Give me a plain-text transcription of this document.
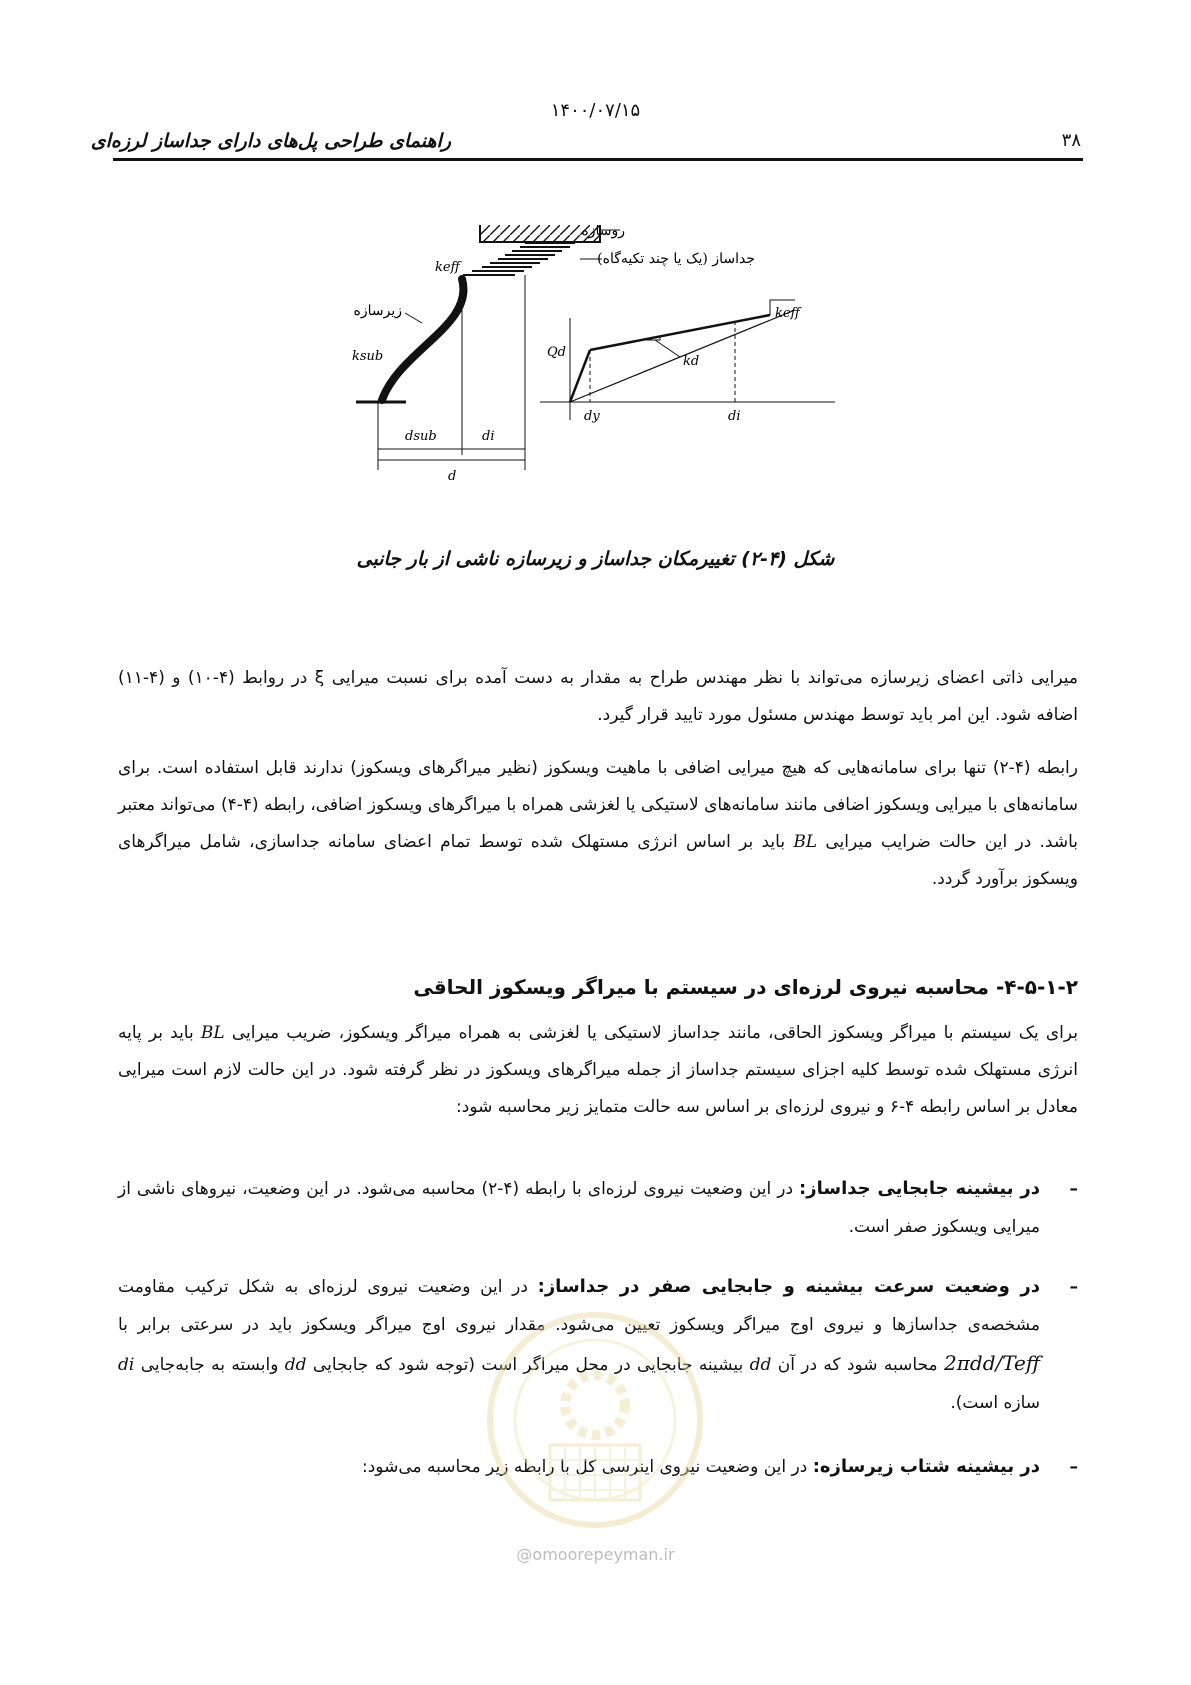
۱۴۰۰/۰۷/۱۵
راهنمای طراحی پل‌های دارای جداساز لرزه‌ای	۳۸
روسازه
جداساز (یک یا چند تکیه‌گاه)
keff
زیرسازه
ksub
dsub	di
d
Qd
kd
dy	di
keff
شکل (۴-۲) تغییرمکان جداساز و زیرسازه ناشی از بار جانبی

میرایی ذاتی اعضای زیرسازه می‌تواند با نظر مهندس طراح به مقدار به دست آمده برای نسبت میرایی ξ در روابط (۴-۱۰) و (۴-۱۱) اضافه شود. این امر باید توسط مهندس مسئول مورد تایید قرار گیرد.

رابطه (۴-۲) تنها برای سامانه‌هایی که هیچ میرایی اضافی با ماهیت ویسکوز (نظیر میراگرهای ویسکوز) ندارند قابل استفاده است. برای سامانه‌های با میرایی ویسکوز اضافی مانند سامانه‌های لاستیکی یا لغزشی همراه با میراگرهای ویسکوز اضافی، رابطه (۴-۴) می‌تواند معتبر باشد. در این حالت ضرایب میرایی BL باید بر اساس انرژی مستهلک شده توسط تمام اعضای سامانه جداسازی، شامل میراگرهای ویسکوز برآورد گردد.

۴-۵-۱-۲- محاسبه نیروی لرزه‌ای در سیستم با میراگر ویسکوز الحاقی

برای یک سیستم با میراگر ویسکوز الحاقی، مانند جداساز لاستیکی یا لغزشی به همراه میراگر ویسکوز، ضریب میرایی BL باید بر پایه انرژی مستهلک شده توسط کلیه اجزای سیستم جداساز از جمله میراگرهای ویسکوز در نظر گرفته شود. در این حالت لازم است میرایی معادل بر اساس رابطه ۴-۶ و نیروی لرزه‌ای بر اساس سه حالت متمایز زیر محاسبه شود:

–
در بیشینه جابجایی جداساز: در این وضعیت نیروی لرزه‌ای با رابطه (۴-۲) محاسبه می‌شود. در این وضعیت، نیروهای ناشی از میرایی ویسکوز صفر است.
–
در وضعیت سرعت بیشینه و جابجایی صفر در جداساز: در این وضعیت نیروی لرزه‌ای به شکل ترکیب مقاومت مشخصه‌ی جداسازها و نیروی اوج میراگر ویسکوز تعیین می‌شود. مقدار نیروی اوج میراگر ویسکوز باید در سرعتی برابر با 2πdd/Teff محاسبه شود که در آن dd بیشینه جابجایی در محل میراگر است (توجه شود که جابجایی dd وابسته به جابه‌جایی di سازه است).
–
در بیشینه شتاب زیرسازه: در این وضعیت نیروی اینرسی کل با رابطه زیر محاسبه می‌شود:
@omoorepeyman.ir
